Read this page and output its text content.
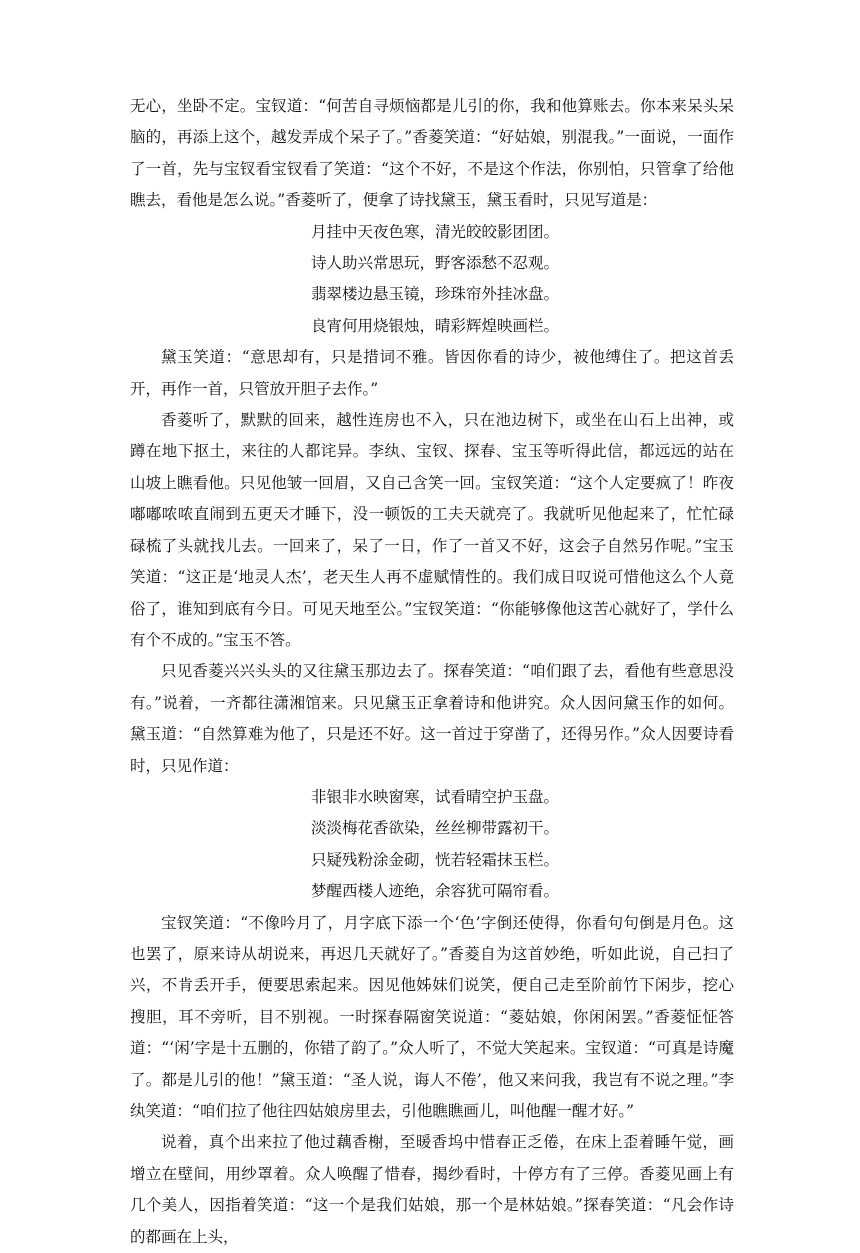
无心，坐卧不定。宝钗道：“何苦自寻烦恼都是儿引的你，我和他算账去。你本来呆头呆脑的，再添上这个，越发弄成个呆子了。”香菱笑道：“好姑娘，别混我。”一面说，一面作了一首，先与宝钗看宝钗看了笑道：“这个不好，不是这个作法，你别怕，只管拿了给他瞧去，看他是怎么说。”香菱听了，便拿了诗找黛玉，黛玉看时，只见写道是：

月挂中天夜色寒，清光皎皎影团团。
诗人助兴常思玩，野客添愁不忍观。
翡翠楼边悬玉镜，珍珠帘外挂冰盘。
良宵何用烧银烛，晴彩辉煌映画栏。

黛玉笑道：“意思却有，只是措词不雅。皆因你看的诗少，被他缚住了。把这首丢开，再作一首，只管放开胆子去作。”

香菱听了，默默的回来，越性连房也不入，只在池边树下，或坐在山石上出神，或蹲在地下抠土，来往的人都诧异。李纨、宝钗、探春、宝玉等听得此信，都远远的站在山坡上瞧看他。只见他皱一回眉，又自己含笑一回。宝钗笑道：“这个人定要疯了！昨夜嘟嘟哝哝直闹到五更天才睡下，没一顿饭的工夫天就亮了。我就听见他起来了，忙忙碌碌梳了头就找儿去。一回来了，呆了一日，作了一首又不好，这会子自然另作呢。”宝玉笑道：“这正是‘地灵人杰’，老天生人再不虚赋情性的。我们成日叹说可惜他这么个人竟俗了，谁知到底有今日。可见天地至公。”宝钗笑道：“你能够像他这苦心就好了，学什么有个不成的。”宝玉不答。

只见香菱兴兴头头的又往黛玉那边去了。探春笑道：“咱们跟了去，看他有些意思没有。”说着，一齐都往潇湘馆来。只见黛玉正拿着诗和他讲究。众人因问黛玉作的如何。黛玉道：“自然算难为他了，只是还不好。这一首过于穿凿了，还得另作。”众人因要诗看时，只见作道：

非银非水映窗寒，试看晴空护玉盘。
淡淡梅花香欲染，丝丝柳带露初干。
只疑残粉涂金砌，恍若轻霜抹玉栏。
梦醒西楼人迹绝，余容犹可隔帘看。

宝钗笑道：“不像吟月了，月字底下添一个‘色’字倒还使得，你看句句倒是月色。这也罢了，原来诗从胡说来，再迟几天就好了。”香菱自为这首妙绝，听如此说，自己扫了兴，不肯丢开手，便要思索起来。因见他姊妹们说笑，便自己走至阶前竹下闲步，挖心搜胆，耳不旁听，目不别视。一时探春隔窗笑说道：“菱姑娘，你闲闲罢。”香菱怔怔答道：“‘闲’字是十五删的，你错了韵了。”众人听了，不觉大笑起来。宝钗道：“可真是诗魔了。都是儿引的他！”黛玉道：“圣人说，诲人不倦’，他又来问我，我岂有不说之理。”李纨笑道：“咱们拉了他往四姑娘房里去，引他瞧瞧画儿，叫他醒一醒才好。”

说着，真个出来拉了他过藕香榭，至暖香坞中惜春正乏倦，在床上歪着睡午觉，画增立在壁间，用纱罩着。众人唤醒了惜春，揭纱看时，十停方有了三停。香菱见画上有几个美人，因指着笑道：“这一个是我们姑娘，那一个是林姑娘。”探春笑道：“凡会作诗的都画在上头，
